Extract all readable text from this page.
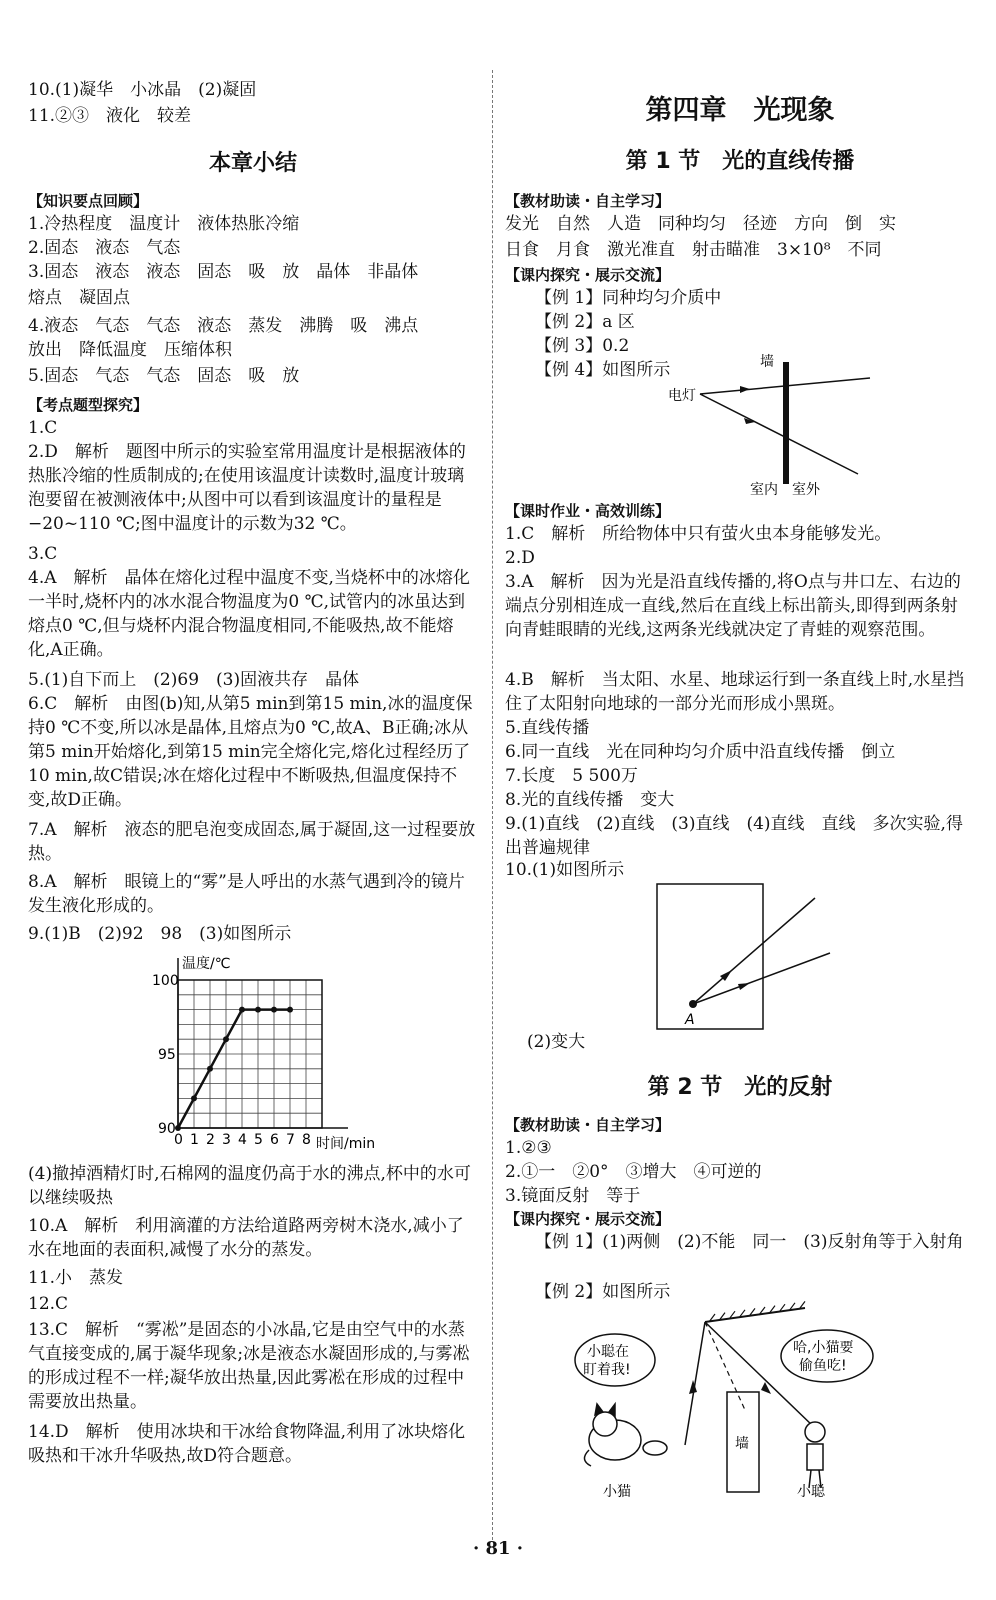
10.(1)凝华　小冰晶　(2)凝固
11.②③　液化　较差
本章小结
【知识要点回顾】
1.冷热程度　温度计　液体热胀冷缩
2.固态　液态　气态
3.固态　液态　液态　固态　吸　放　晶体　非晶体
熔点　凝固点
4.液态　气态　气态　液态　蒸发　沸腾　吸　沸点
放出　降低温度　压缩体积
5.固态　气态　气态　固态　吸　放
【考点题型探究】
1.C
2.D　解析　题图中所示的实验室常用温度计是根据液体的热胀冷缩的性质制成的;在使用该温度计读数时,温度计玻璃泡要留在被测液体中;从图中可以看到该温度计的量程是−20~110 ℃;图中温度计的示数为32 ℃。
3.C
4.A　解析　晶体在熔化过程中温度不变,当烧杯中的冰熔化一半时,烧杯内的冰水混合物温度为0 ℃,试管内的冰虽达到熔点0 ℃,但与烧杯内混合物温度相同,不能吸热,故不能熔化,A正确。
5.(1)自下而上　(2)69　(3)固液共存　晶体
6.C　解析　由图(b)知,从第5 min到第15 min,冰的温度保持0 ℃不变,所以冰是晶体,且熔点为0 ℃,故A、B正确;冰从第5 min开始熔化,到第15 min完全熔化完,熔化过程经历了10 min,故C错误;冰在熔化过程中不断吸热,但温度保持不变,故D正确。
7.A　解析　液态的肥皂泡变成固态,属于凝固,这一过程要放热。
8.A　解析　眼镜上的“雾”是人呼出的水蒸气遇到冷的镜片发生液化形成的。
9.(1)B　(2)92　98　(3)如图所示
温度/℃
100
95
90
0 1 2 3 4 5 6 7 8 时间/min
(4)撤掉酒精灯时,石棉网的温度仍高于水的沸点,杯中的水可以继续吸热
10.A　解析　利用滴灌的方法给道路两旁树木浇水,减小了水在地面的表面积,减慢了水分的蒸发。
11.小　蒸发
12.C
13.C　解析　“雾凇”是固态的小冰晶,它是由空气中的水蒸气直接变成的,属于凝华现象;冰是液态水凝固形成的,与雾凇的形成过程不一样;凝华放出热量,因此雾凇在形成的过程中需要放出热量。
14.D　解析　使用冰块和干冰给食物降温,利用了冰块熔化吸热和干冰升华吸热,故D符合题意。
第四章　光现象
第 1 节　光的直线传播
【教材助读・自主学习】
发光　自然　人造　同种均匀　径迹　方向　倒　实
日食　月食　激光准直　射击瞄准　3×10⁸　不同
【课内探究・展示交流】
【例 1】同种均匀介质中
【例 2】a 区
【例 3】0.2
【例 4】如图所示	墙
电灯
室内 室外
【课时作业・高效训练】
1.C　解析　所给物体中只有萤火虫本身能够发光。
2.D
3.A　解析　因为光是沿直线传播的,将O点与井口左、右边的端点分别相连成一直线,然后在直线上标出箭头,即得到两条射向青蛙眼睛的光线,这两条光线就决定了青蛙的观察范围。
4.B　解析　当太阳、水星、地球运行到一条直线上时,水星挡住了太阳射向地球的一部分光而形成小黑斑。
5.直线传播
6.同一直线　光在同种均匀介质中沿直线传播　倒立
7.长度　5 500万
8.光的直线传播　变大
9.(1)直线　(2)直线　(3)直线　(4)直线　直线　多次实验,得出普遍规律
10.(1)如图所示
A
(2)变大
第 2 节　光的反射
【教材助读・自主学习】
1.②③
2.①一　②0°　③增大　④可逆的
3.镜面反射　等于
【课内探究・展示交流】
【例 1】(1)两侧　(2)不能　同一　(3)反射角等于入射角
【例 2】如图所示
墙
小聪在
盯着我!
哈,小猫要
偷鱼吃!
小猫	小聪
· 81 ·
